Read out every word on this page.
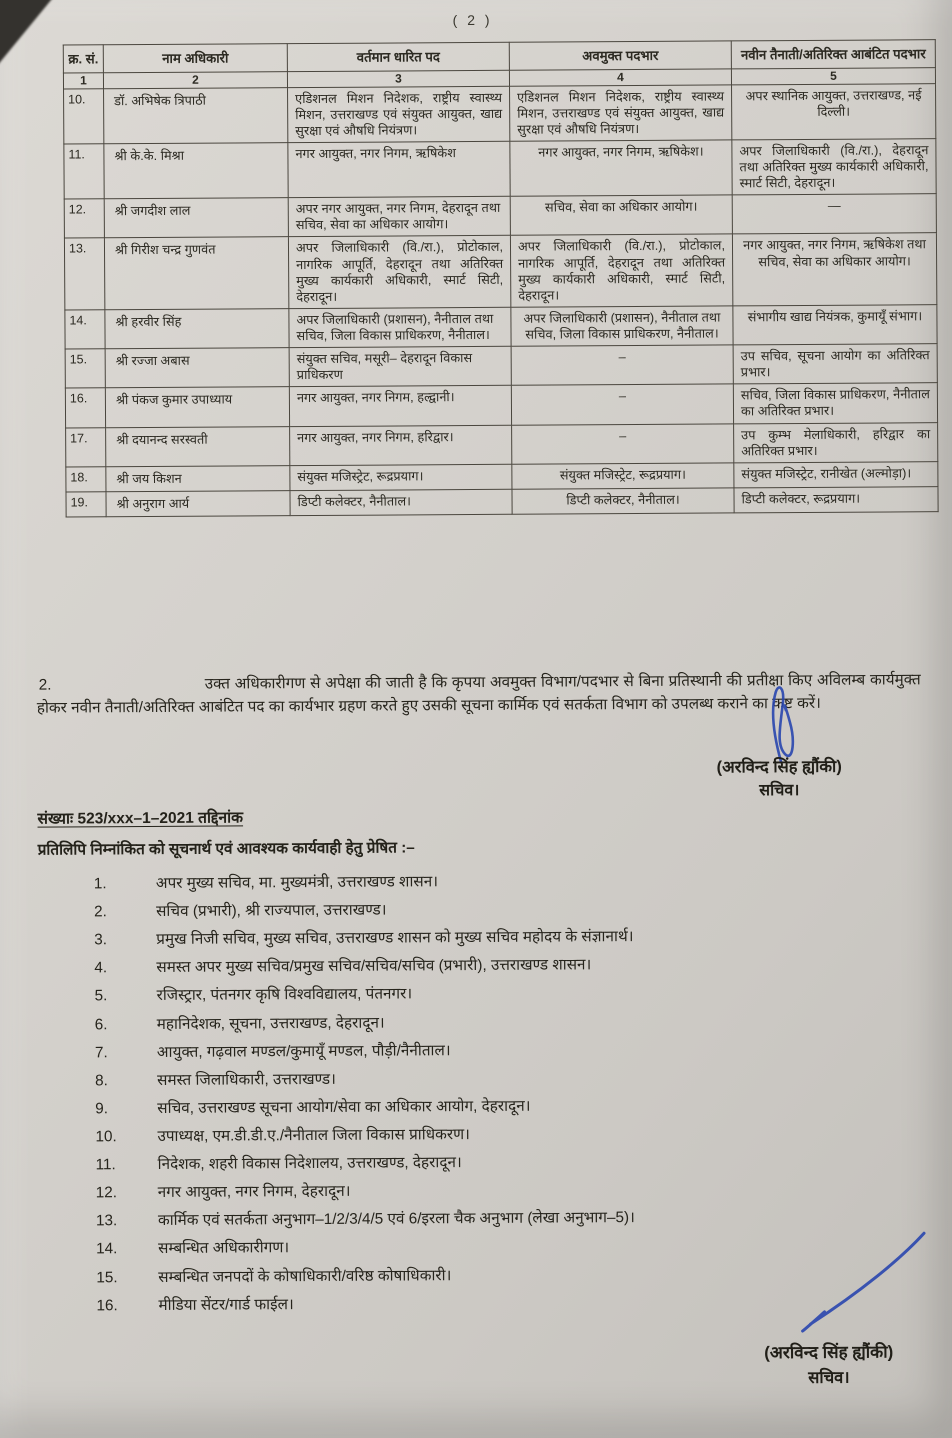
( 2 )
क्र. सं.	नाम अधिकारी	वर्तमान धारित पद	अवमुक्त पदभार	नवीन तैनाती/अतिरिक्त आबंटित पदभार
1	2	3	4	5
10.	डॉ. अभिषेक त्रिपाठी	एडिशनल मिशन निदेशक, राष्ट्रीय स्वास्थ्य मिशन, उत्तराखण्ड एवं संयुक्त आयुक्त, खाद्य सुरक्षा एवं औषधि नियंत्रण।	एडिशनल मिशन निदेशक, राष्ट्रीय स्वास्थ्य मिशन, उत्तराखण्ड एवं संयुक्त आयुक्त, खाद्य सुरक्षा एवं औषधि नियंत्रण।	अपर स्थानिक आयुक्त, उत्तराखण्ड, नई दिल्ली।
11.	श्री के.के. मिश्रा	नगर आयुक्त, नगर निगम, ऋषिकेश	नगर आयुक्त, नगर निगम, ऋषिकेश।	अपर जिलाधिकारी (वि./रा.), देहरादून तथा अतिरिक्त मुख्य कार्यकारी अधिकारी, स्मार्ट सिटी, देहरादून।
12.	श्री जगदीश लाल	अपर नगर आयुक्त, नगर निगम, देहरादून तथा सचिव, सेवा का अधिकार आयोग।	सचिव, सेवा का अधिकार आयोग।	—
13.	श्री गिरीश चन्द्र गुणवंत	अपर जिलाधिकारी (वि./रा.), प्रोटोकाल, नागरिक आपूर्ति, देहरादून तथा अतिरिक्त मुख्य कार्यकारी अधिकारी, स्मार्ट सिटी, देहरादून।	अपर जिलाधिकारी (वि./रा.), प्रोटोकाल, नागरिक आपूर्ति, देहरादून तथा अतिरिक्त मुख्य कार्यकारी अधिकारी, स्मार्ट सिटी, देहरादून।	नगर आयुक्त, नगर निगम, ऋषिकेश तथा सचिव, सेवा का अधिकार आयोग।
14.	श्री हरवीर सिंह	अपर जिलाधिकारी (प्रशासन), नैनीताल तथा सचिव, जिला विकास प्राधिकरण, नैनीताल।	अपर जिलाधिकारी (प्रशासन), नैनीताल तथा सचिव, जिला विकास प्राधिकरण, नैनीताल।	संभागीय खाद्य नियंत्रक, कुमायूँ संभाग।
15.	श्री रज्जा अबास	संयुक्त सचिव, मसूरी– देहरादून विकास प्राधिकरण	–	उप सचिव, सूचना आयोग का अतिरिक्त प्रभार।
16.	श्री पंकज कुमार उपाध्याय	नगर आयुक्त, नगर निगम, हल्द्वानी।	–	सचिव, जिला विकास प्राधिकरण, नैनीताल का अतिरिक्त प्रभार।
17.	श्री दयानन्द सरस्वती	नगर आयुक्त, नगर निगम, हरिद्वार।	–	उप कुम्भ मेलाधिकारी, हरिद्वार का अतिरिक्त प्रभार।
18.	श्री जय किशन	संयुक्त मजिस्ट्रेट, रूद्रप्रयाग।	संयुक्त मजिस्ट्रेट, रूद्रप्रयाग।	संयुक्त मजिस्ट्रेट, रानीखेत (अल्मोड़ा)।
19.	श्री अनुराग आर्य	डिप्टी कलेक्टर, नैनीताल।	डिप्टी कलेक्टर, नैनीताल।	डिप्टी कलेक्टर, रूद्रप्रयाग।
2.	उक्त अधिकारीगण से अपेक्षा की जाती है कि कृपया अवमुक्त विभाग/पदभार से बिना प्रतिस्थानी की प्रतीक्षा किए अविलम्ब कार्यमुक्त होकर नवीन तैनाती/अतिरिक्त आबंटित पद का कार्यभार ग्रहण करते हुए उसकी सूचना कार्मिक एवं सतर्कता विभाग को उपलब्ध कराने का कष्ट करें।
(अरविन्द सिंह ह्यौंकी)
सचिव।
संख्याः 523/xxx–1–2021 तद्दिनांक
प्रतिलिपि निम्नांकित को सूचनार्थ एवं आवश्यक कार्यवाही हेतु प्रेषित :–
1.	अपर मुख्य सचिव, मा. मुख्यमंत्री, उत्तराखण्ड शासन।
2.	सचिव (प्रभारी), श्री राज्यपाल, उत्तराखण्ड।
3.	प्रमुख निजी सचिव, मुख्य सचिव, उत्तराखण्ड शासन को मुख्य सचिव महोदय के संज्ञानार्थ।
4.	समस्त अपर मुख्य सचिव/प्रमुख सचिव/सचिव/सचिव (प्रभारी), उत्तराखण्ड शासन।
5.	रजिस्ट्रार, पंतनगर कृषि विश्वविद्यालय, पंतनगर।
6.	महानिदेशक, सूचना, उत्तराखण्ड, देहरादून।
7.	आयुक्त, गढ़वाल मण्डल/कुमायूँ मण्डल, पौड़ी/नैनीताल।
8.	समस्त जिलाधिकारी, उत्तराखण्ड।
9.	सचिव, उत्तराखण्ड सूचना आयोग/सेवा का अधिकार आयोग, देहरादून।
10.	उपाध्यक्ष, एम.डी.डी.ए./नैनीताल जिला विकास प्राधिकरण।
11.	निदेशक, शहरी विकास निदेशालय, उत्तराखण्ड, देहरादून।
12.	नगर आयुक्त, नगर निगम, देहरादून।
13.	कार्मिक एवं सतर्कता अनुभाग–1/2/3/4/5 एवं 6/इरला चैक अनुभाग (लेखा अनुभाग–5)।
14.	सम्बन्धित अधिकारीगण।
15.	सम्बन्धित जनपदों के कोषाधिकारी/वरिष्ठ कोषाधिकारी।
16.	मीडिया सेंटर/गार्ड फाईल।
(अरविन्द सिंह ह्यौंकी)
सचिव।
